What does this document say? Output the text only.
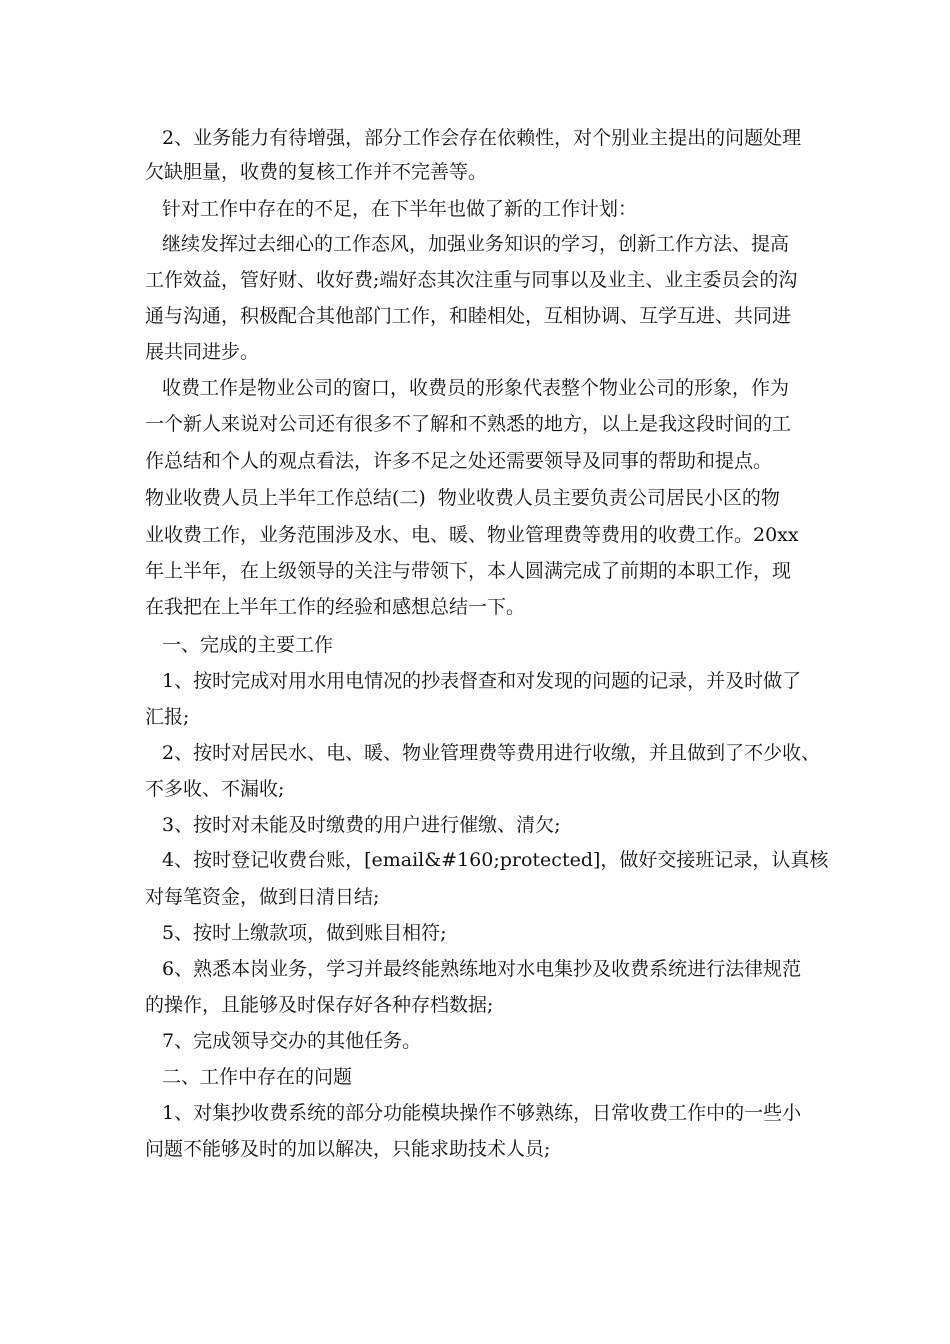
2、业务能力有待增强，部分工作会存在依赖性，对个别业主提出的问题处理
欠缺胆量，收费的复核工作并不完善等。
针对工作中存在的不足，在下半年也做了新的工作计划：
继续发挥过去细心的工作态风，加强业务知识的学习，创新工作方法、提高
工作效益，管好财、收好费;端好态其次注重与同事以及业主、业主委员会的沟
通与沟通，积极配合其他部门工作，和睦相处，互相协调、互学互进、共同进
展共同进步。
收费工作是物业公司的窗口，收费员的形象代表整个物业公司的形象，作为
一个新人来说对公司还有很多不了解和不熟悉的地方，以上是我这段时间的工
作总结和个人的观点看法，许多不足之处还需要领导及同事的帮助和提点。
物业收费人员上半年工作总结(二)  物业收费人员主要负责公司居民小区的物
业收费工作，业务范围涉及水、电、暖、物业管理费等费用的收费工作。20xx
年上半年，在上级领导的关注与带领下，本人圆满完成了前期的本职工作，现
在我把在上半年工作的经验和感想总结一下。
一、完成的主要工作
1、按时完成对用水用电情况的抄表督查和对发现的问题的记录，并及时做了
汇报;
2、按时对居民水、电、暖、物业管理费等费用进行收缴，并且做到了不少收、
不多收、不漏收;
3、按时对未能及时缴费的用户进行催缴、清欠;
4、按时登记收费台账，[email&#160;protected]，做好交接班记录，认真核
对每笔资金，做到日清日结;
5、按时上缴款项，做到账目相符;
6、熟悉本岗业务，学习并最终能熟练地对水电集抄及收费系统进行法律规范
的操作，且能够及时保存好各种存档数据;
7、完成领导交办的其他任务。
二、工作中存在的问题
1、对集抄收费系统的部分功能模块操作不够熟练，日常收费工作中的一些小
问题不能够及时的加以解决，只能求助技术人员;
